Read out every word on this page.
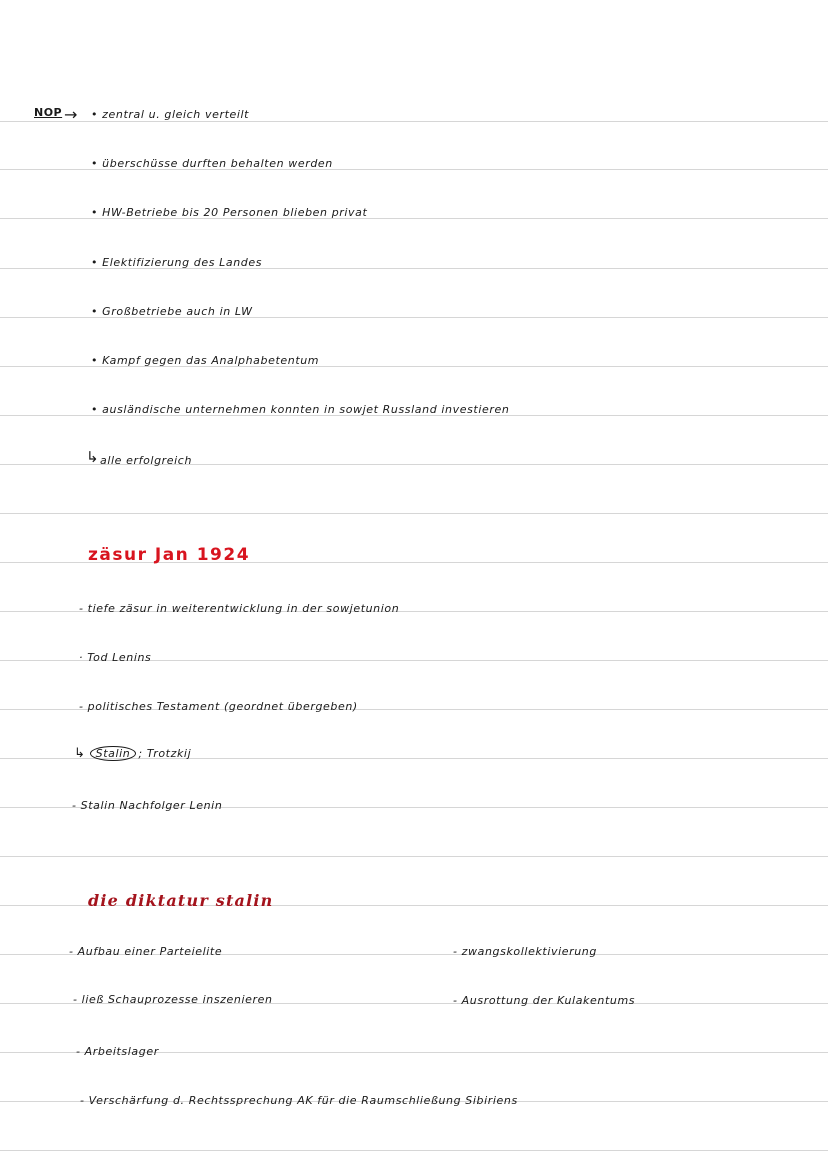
NOP → • zentral u. gleich verteilt
• überschüsse durften behalten werden
• HW-Betriebe bis 20 Personen blieben privat
• Elektifizierung des Landes
• Großbetriebe auch in LW
• Kampf gegen das Analphabetentum
• ausländische unternehmen konnten in sowjet Russland investieren
↳ alle erfolgreich
zäsur Jan 1924
- tiefe zäsur in weiterentwicklung in der sowjetunion
· Tod Lenins
- politisches Testament (geordnet übergeben)
↳ Stalin ; Trotzkij
- Stalin Nachfolger Lenin
die diktatur stalin
- Aufbau einer Parteielite
- ließ Schauprozesse inszenieren
- Arbeitslager
- Verschärfung d. Rechtssprechung AK für die Raumschließung Sibiriens
- zwangskollektivierung
- Ausrottung der Kulakentums
